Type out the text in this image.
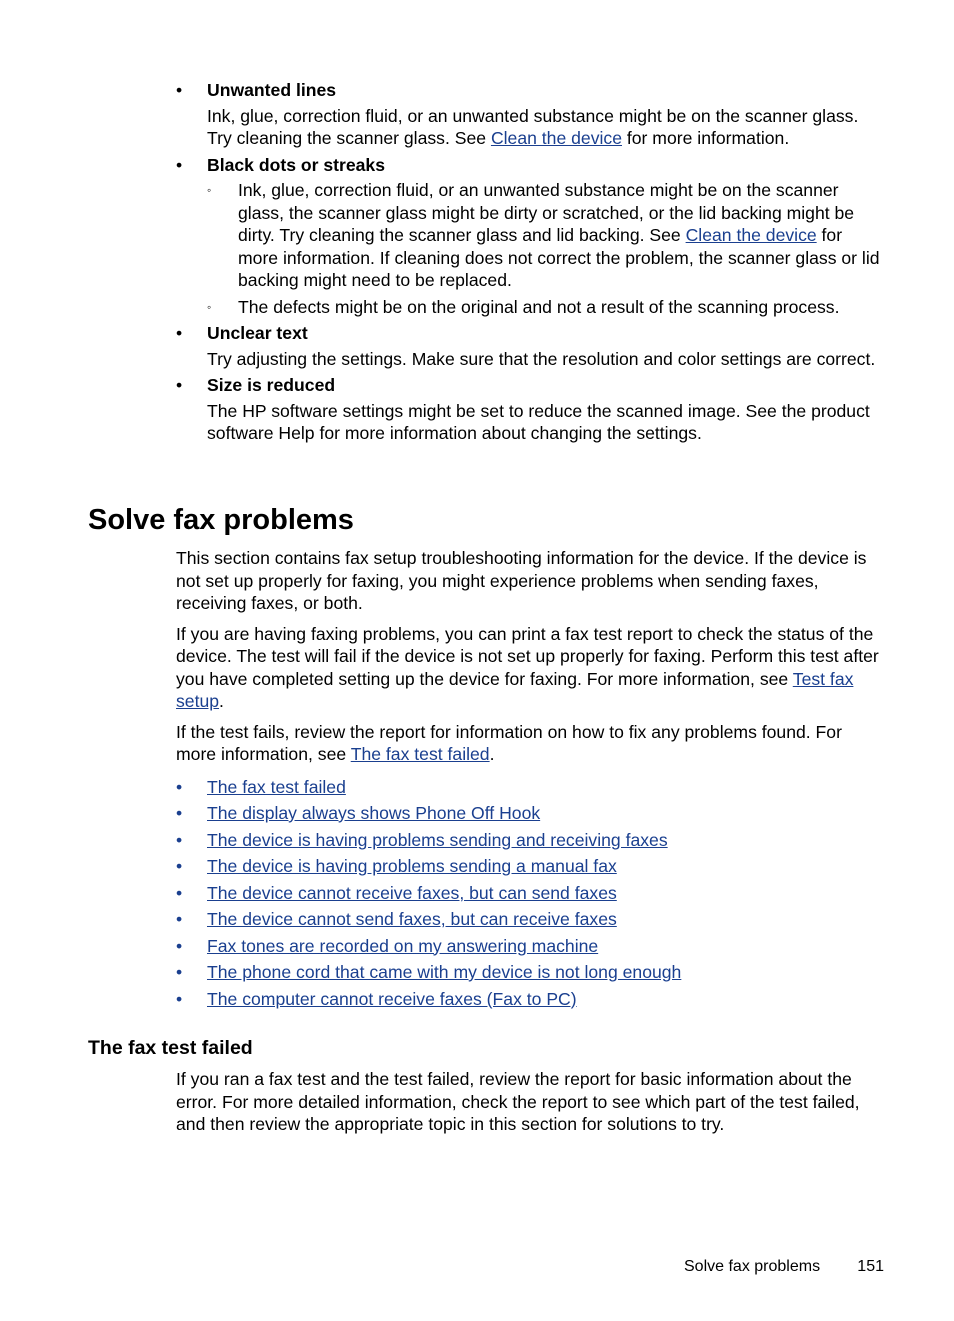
•	Unwanted lines

Ink, glue, correction fluid, or an unwanted substance might be on the scanner glass. Try cleaning the scanner glass. See Clean the device for more information.

•	Black dots or streaks
◦ Ink, glue, correction fluid, or an unwanted substance might be on the scanner glass, the scanner glass might be dirty or scratched, or the lid backing might be dirty. Try cleaning the scanner glass and lid backing. See Clean the device for more information. If cleaning does not correct the problem, the scanner glass or lid backing might need to be replaced.
◦ The defects might be on the original and not a result of the scanning process.
•	Unclear text

Try adjusting the settings. Make sure that the resolution and color settings are correct.

•	Size is reduced

The HP software settings might be set to reduce the scanned image. See the product software Help for more information about changing the settings.

Solve fax problems

This section contains fax setup troubleshooting information for the device. If the device is not set up properly for faxing, you might experience problems when sending faxes, receiving faxes, or both.

If you are having faxing problems, you can print a fax test report to check the status of the device. The test will fail if the device is not set up properly for faxing. Perform this test after you have completed setting up the device for faxing. For more information, see Test fax setup.

If the test fails, review the report for information on how to fix any problems found. For more information, see The fax test failed.

• The fax test failed
• The display always shows Phone Off Hook
• The device is having problems sending and receiving faxes
• The device is having problems sending a manual fax
• The device cannot receive faxes, but can send faxes
• The device cannot send faxes, but can receive faxes
• Fax tones are recorded on my answering machine
• The phone cord that came with my device is not long enough
• The computer cannot receive faxes (Fax to PC)
The fax test failed

If you ran a fax test and the test failed, review the report for basic information about the error. For more detailed information, check the report to see which part of the test failed, and then review the appropriate topic in this section for solutions to try.

Solve fax problems 151
